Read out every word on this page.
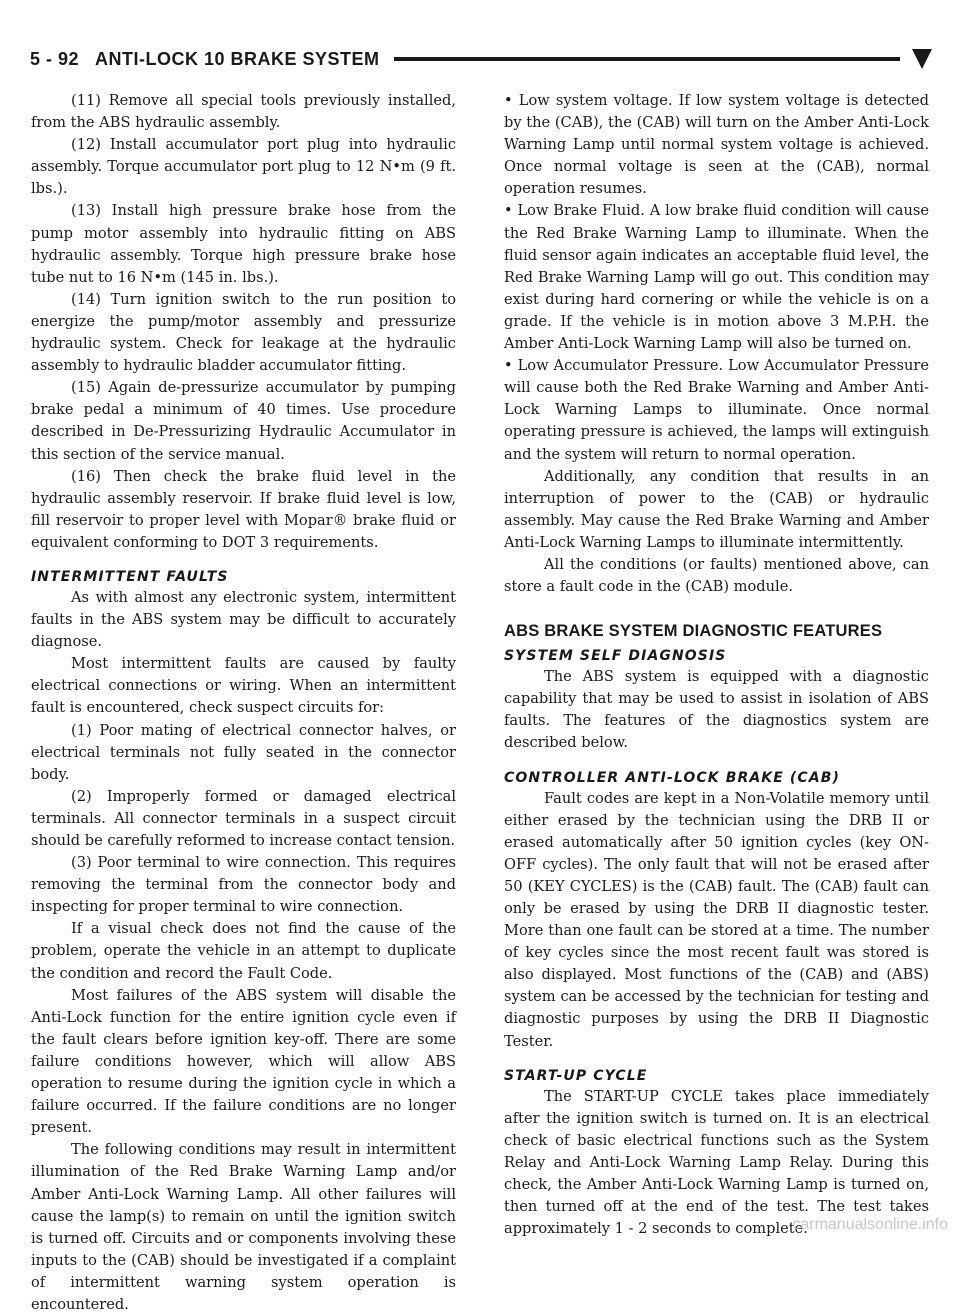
5 - 92 ANTI-LOCK 10 BRAKE SYSTEM

(11) Remove all special tools previously installed, from the ABS hydraulic assembly.

(12) Install accumulator port plug into hydraulic assembly. Torque accumulator port plug to 12 N•m (9 ft. lbs.).

(13) Install high pressure brake hose from the pump motor assembly into hydraulic fitting on ABS hydraulic assembly. Torque high pressure brake hose tube nut to 16 N•m (145 in. lbs.).

(14) Turn ignition switch to the run position to energize the pump/motor assembly and pressurize hydraulic system. Check for leakage at the hydraulic assembly to hydraulic bladder accumulator fitting.

(15) Again de-pressurize accumulator by pumping brake pedal a minimum of 40 times. Use procedure described in De-Pressurizing Hydraulic Accumulator in this section of the service manual.

(16) Then check the brake fluid level in the hydraulic assembly reservoir. If brake fluid level is low, fill reservoir to proper level with Mopar® brake fluid or equivalent conforming to DOT 3 requirements.

INTERMITTENT FAULTS

As with almost any electronic system, intermittent faults in the ABS system may be difficult to accurately diagnose.

Most intermittent faults are caused by faulty electrical connections or wiring. When an intermittent fault is encountered, check suspect circuits for:

(1) Poor mating of electrical connector halves, or electrical terminals not fully seated in the connector body.

(2) Improperly formed or damaged electrical terminals. All connector terminals in a suspect circuit should be carefully reformed to increase contact tension.

(3) Poor terminal to wire connection. This requires removing the terminal from the connector body and inspecting for proper terminal to wire connection.

If a visual check does not find the cause of the problem, operate the vehicle in an attempt to duplicate the condition and record the Fault Code.

Most failures of the ABS system will disable the Anti-Lock function for the entire ignition cycle even if the fault clears before ignition key-off. There are some failure conditions however, which will allow ABS operation to resume during the ignition cycle in which a failure occurred. If the failure conditions are no longer present.

The following conditions may result in intermittent illumination of the Red Brake Warning Lamp and/or Amber Anti-Lock Warning Lamp. All other failures will cause the lamp(s) to remain on until the ignition switch is turned off. Circuits and or components involving these inputs to the (CAB) should be investigated if a complaint of intermittent warning system operation is encountered.

• Low system voltage. If low system voltage is detected by the (CAB), the (CAB) will turn on the Amber Anti-Lock Warning Lamp until normal system voltage is achieved. Once normal voltage is seen at the (CAB), normal operation resumes.

• Low Brake Fluid. A low brake fluid condition will cause the Red Brake Warning Lamp to illuminate. When the fluid sensor again indicates an acceptable fluid level, the Red Brake Warning Lamp will go out. This condition may exist during hard cornering or while the vehicle is on a grade. If the vehicle is in motion above 3 M.P.H. the Amber Anti-Lock Warning Lamp will also be turned on.

• Low Accumulator Pressure. Low Accumulator Pressure will cause both the Red Brake Warning and Amber Anti-Lock Warning Lamps to illuminate. Once normal operating pressure is achieved, the lamps will extinguish and the system will return to normal operation.

Additionally, any condition that results in an interruption of power to the (CAB) or hydraulic assembly. May cause the Red Brake Warning and Amber Anti-Lock Warning Lamps to illuminate intermittently.

All the conditions (or faults) mentioned above, can store a fault code in the (CAB) module.

ABS BRAKE SYSTEM DIAGNOSTIC FEATURES
SYSTEM SELF DIAGNOSIS

The ABS system is equipped with a diagnostic capability that may be used to assist in isolation of ABS faults. The features of the diagnostics system are described below.

CONTROLLER ANTI-LOCK BRAKE (CAB)

Fault codes are kept in a Non-Volatile memory until either erased by the technician using the DRB II or erased automatically after 50 ignition cycles (key ON-OFF cycles). The only fault that will not be erased after 50 (KEY CYCLES) is the (CAB) fault. The (CAB) fault can only be erased by using the DRB II diagnostic tester. More than one fault can be stored at a time. The number of key cycles since the most recent fault was stored is also displayed. Most functions of the (CAB) and (ABS) system can be accessed by the technician for testing and diagnostic purposes by using the DRB II Diagnostic Tester.

START-UP CYCLE

The START-UP CYCLE takes place immediately after the ignition switch is turned on. It is an electrical check of basic electrical functions such as the System Relay and Anti-Lock Warning Lamp Relay. During this check, the Amber Anti-Lock Warning Lamp is turned on, then turned off at the end of the test. The test takes approximately 1 - 2 seconds to complete.

carmanualsonline.info
